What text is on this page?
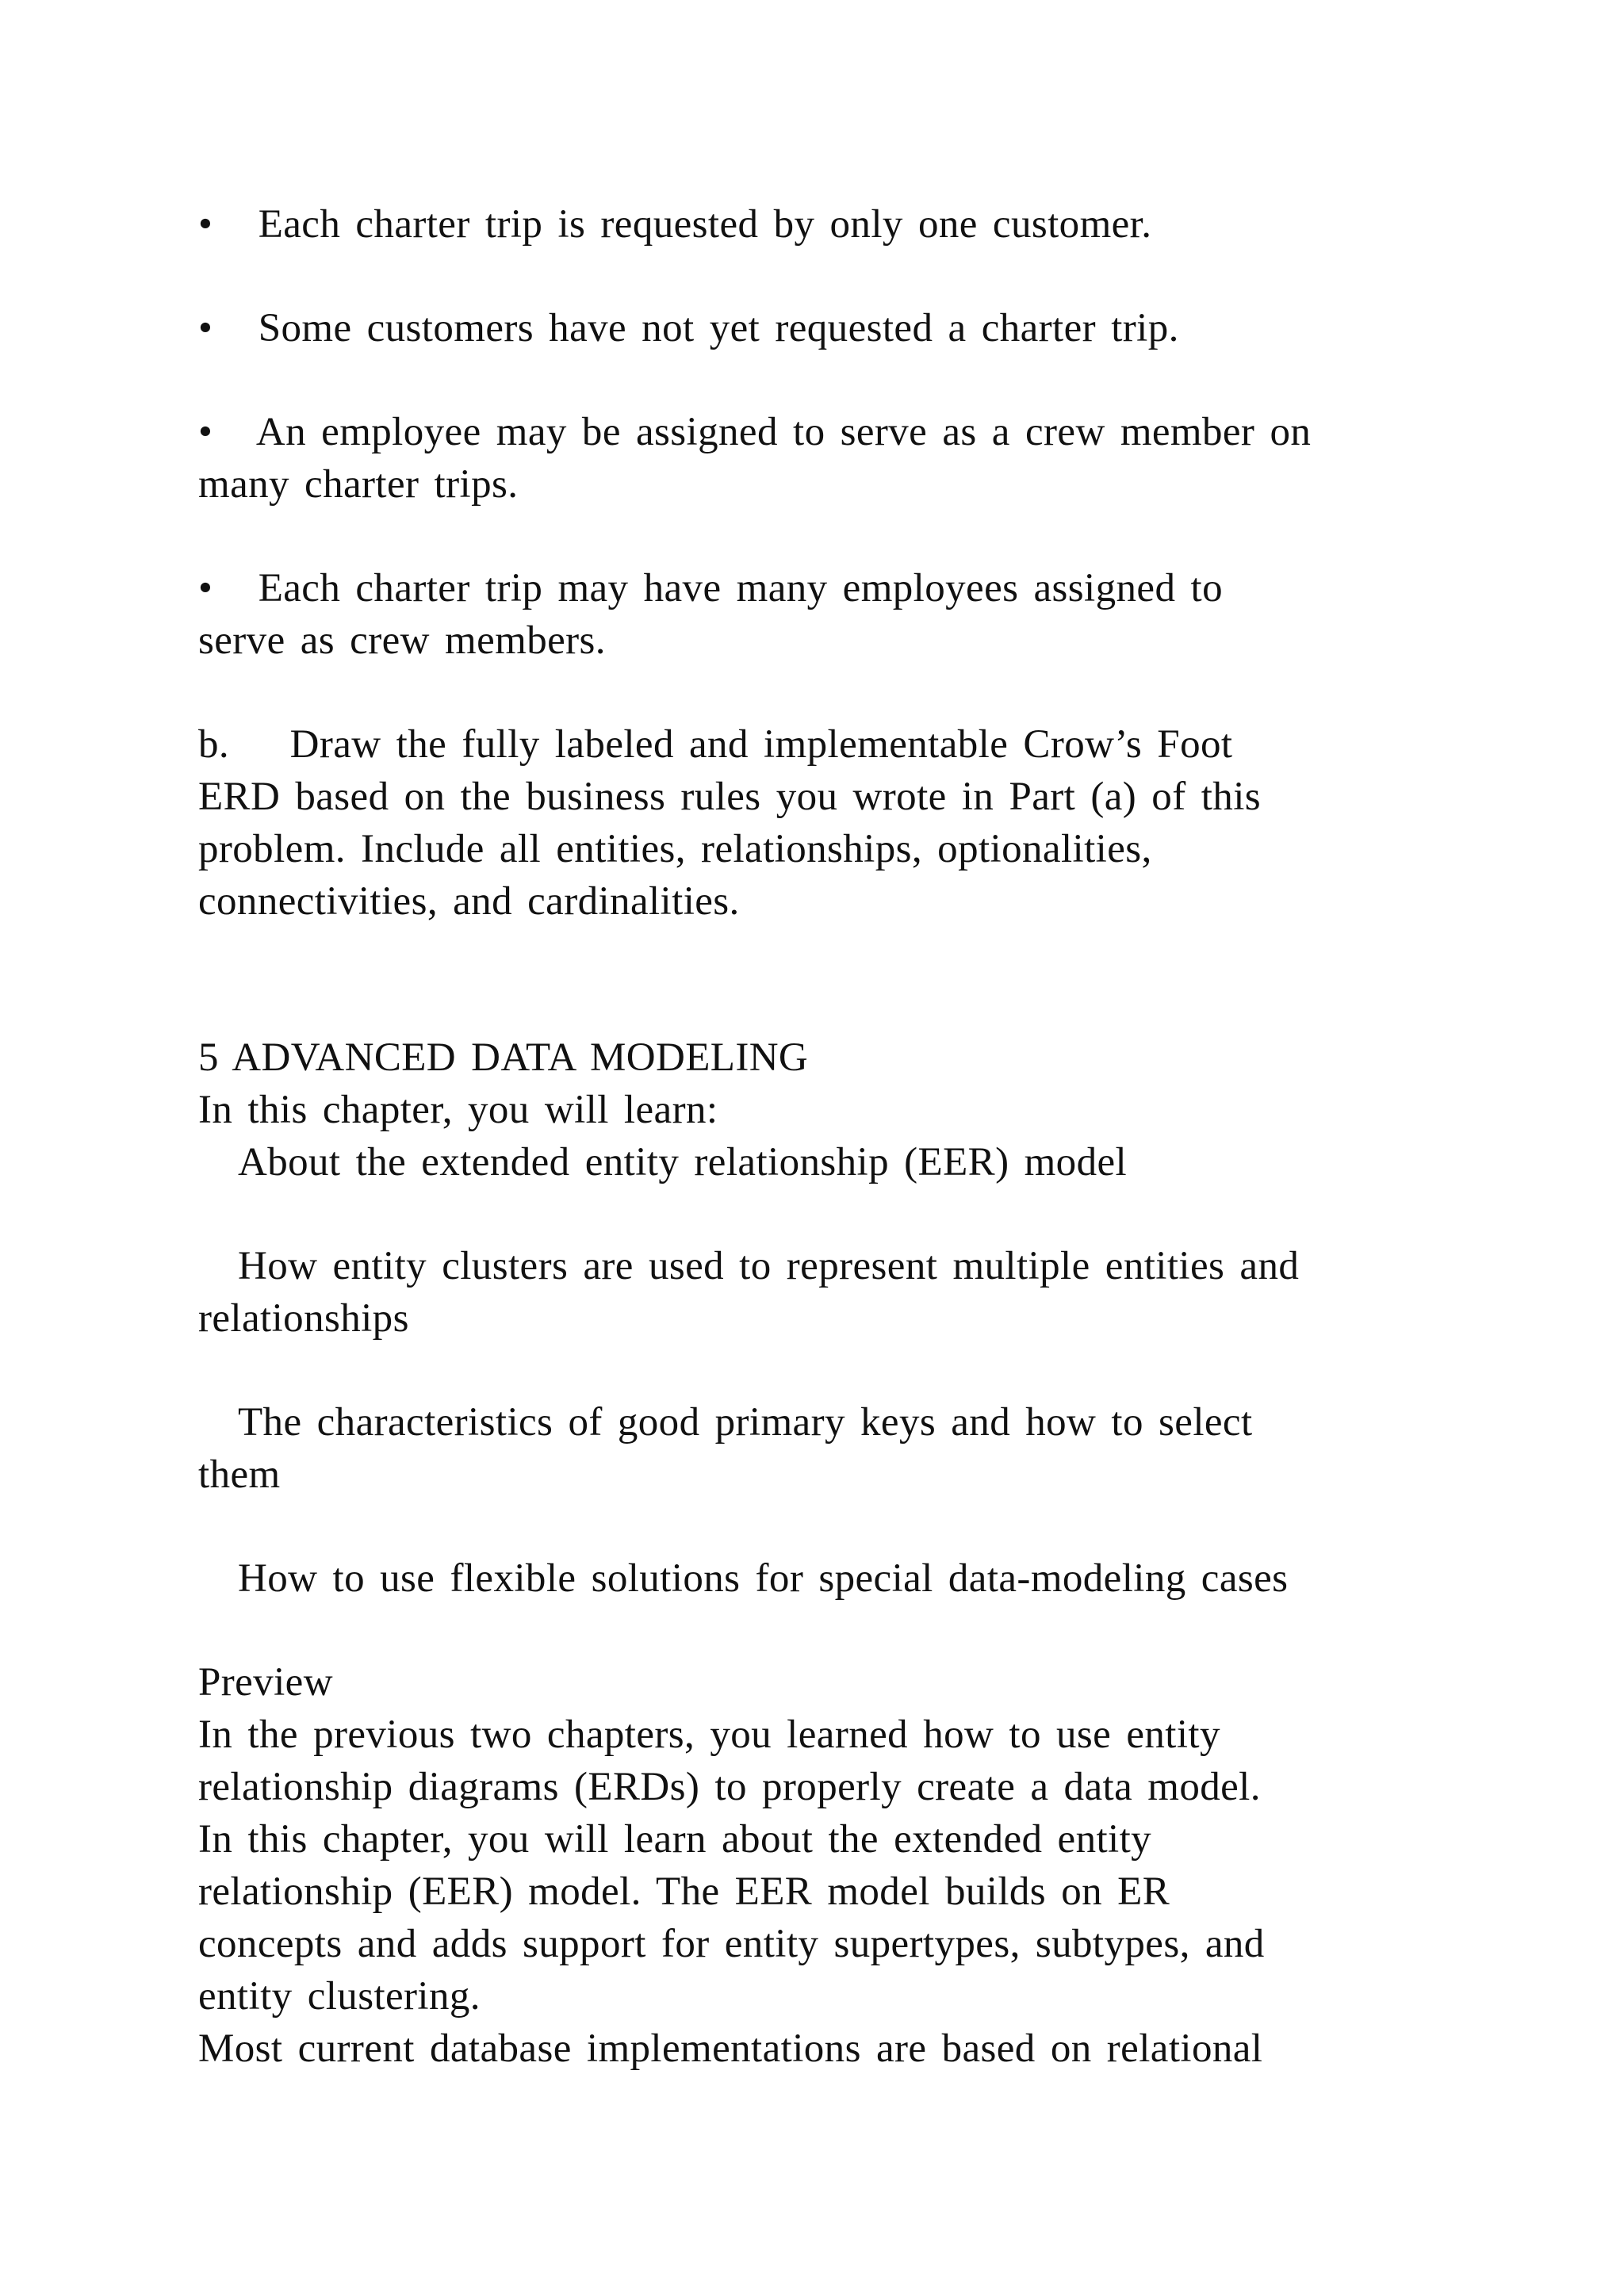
•   Each charter trip is requested by only one customer.
•   Some customers have not yet requested a charter trip.
•   An employee may be assigned to serve as a crew member on
many charter trips.
•   Each charter trip may have many employees assigned to
serve as crew members.
b.    Draw the fully labeled and implementable Crow’s Foot
ERD based on the business rules you wrote in Part (a) of this
problem. Include all entities, relationships, optionalities,
connectivities, and cardinalities.
5 ADVANCED DATA MODELING
In this chapter, you will learn:
About the extended entity relationship (EER) model
How entity clusters are used to represent multiple entities and
relationships
The characteristics of good primary keys and how to select
them
How to use flexible solutions for special data-modeling cases
Preview
In the previous two chapters, you learned how to use entity
relationship diagrams (ERDs) to properly create a data model.
In this chapter, you will learn about the extended entity
relationship (EER) model. The EER model builds on ER
concepts and adds support for entity supertypes, subtypes, and
entity clustering.
Most current database implementations are based on relational
